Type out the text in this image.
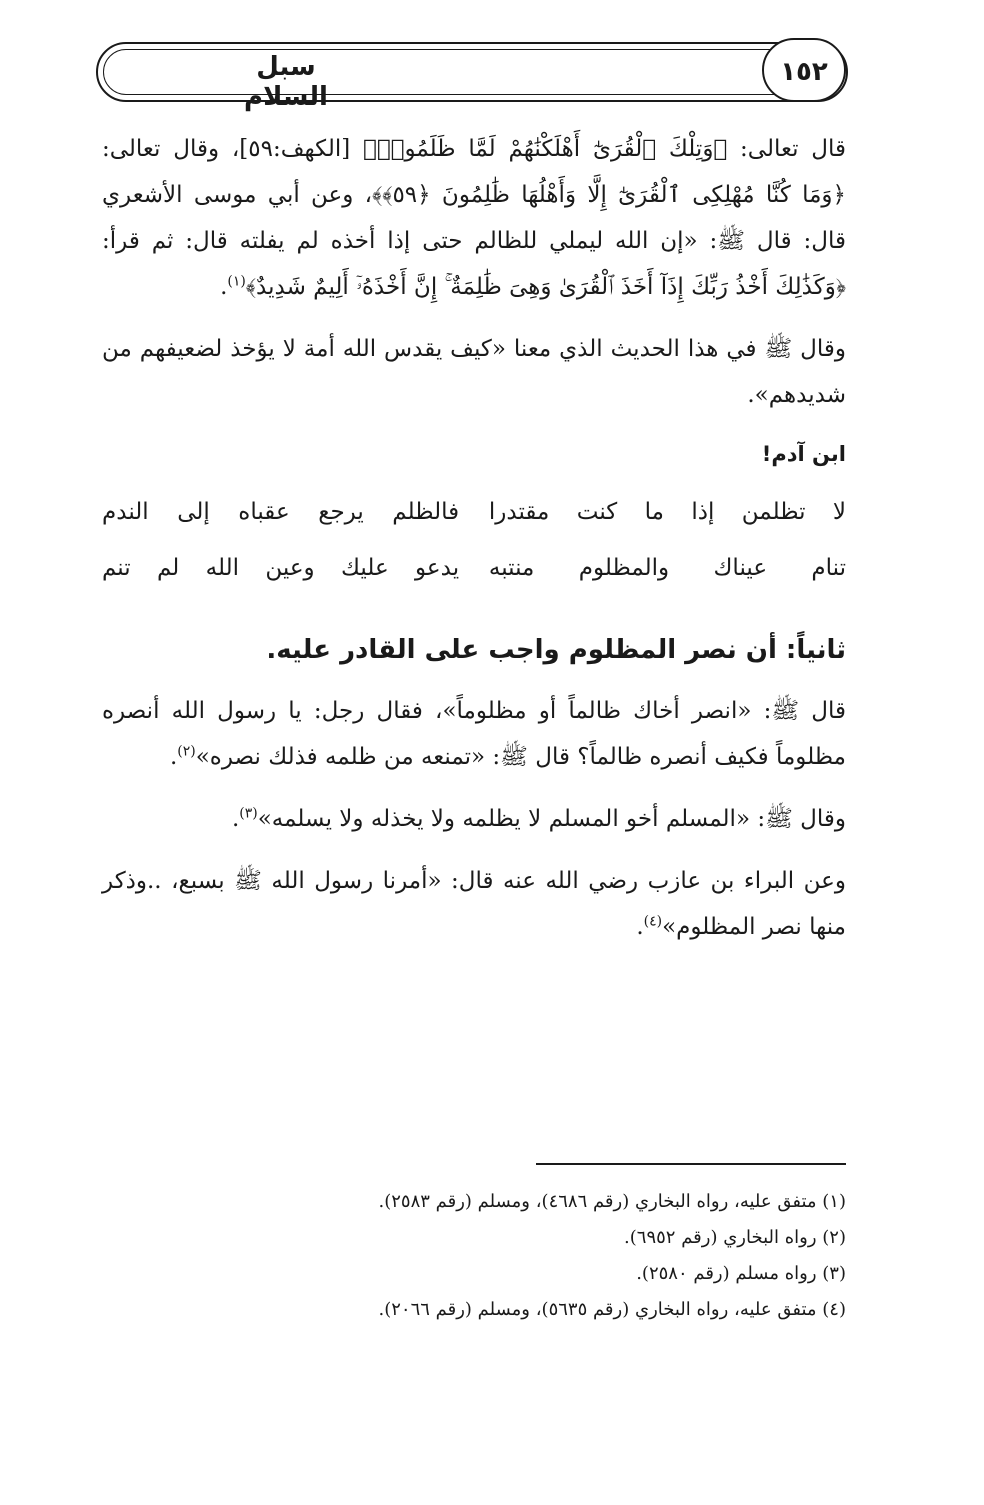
سبل السلام
١٥٢

قال تعالى: ﴿وَتِلْكَ ٱلْقُرَىٰٓ أَهْلَكْنَٰهُمْ لَمَّا ظَلَمُوا۟﴾ [الكهف:٥٩]، وقال تعالى: ﴿وَمَا كُنَّا مُهْلِكِى ٱلْقُرَىٰٓ إِلَّا وَأَهْلُهَا ظَٰلِمُونَ ﴿٥٩﴾﴾، وعن أبي موسى الأشعري قال: قال ﷺ: «إن الله ليملي للظالم حتى إذا أخذه لم يفلته قال: ثم قرأ: ﴿وَكَذَٰلِكَ أَخْذُ رَبِّكَ إِذَآ أَخَذَ ٱلْقُرَىٰ وَهِىَ ظَٰلِمَةٌ ۚ إِنَّ أَخْذَهُۥٓ أَلِيمٌ شَدِيدٌ﴾$^{(١)}$.

وقال ﷺ في هذا الحديث الذي معنا «كيف يقدس الله أمة لا يؤخذ لضعيفهم من شديدهم».

ابن آدم!
لا تظلمن إذا ما كنت مقتدرا
فالظلم يرجع عقباه إلى الندم
تنام عيناك والمظلوم منتبه
يدعو عليك وعين الله لم تنم
ثانياً: أن نصر المظلوم واجب على القادر عليه.

قال ﷺ: «انصر أخاك ظالماً أو مظلوماً»، فقال رجل: يا رسول الله أنصره مظلوماً فكيف أنصره ظالماً؟ قال ﷺ: «تمنعه من ظلمه فذلك نصره»$^{(٢)}$.

وقال ﷺ: «المسلم أخو المسلم لا يظلمه ولا يخذله ولا يسلمه»$^{(٣)}$.

وعن البراء بن عازب رضي الله عنه قال: «أمرنا رسول الله ﷺ بسبع، ..وذكر منها نصر المظلوم»$^{(٤)}$.

(١) متفق عليه، رواه البخاري (رقم ٤٦٨٦)، ومسلم (رقم ٢٥٨٣).

(٢) رواه البخاري (رقم ٦٩٥٢).

(٣) رواه مسلم (رقم ٢٥٨٠).

(٤) متفق عليه، رواه البخاري (رقم ٥٦٣٥)، ومسلم (رقم ٢٠٦٦).
